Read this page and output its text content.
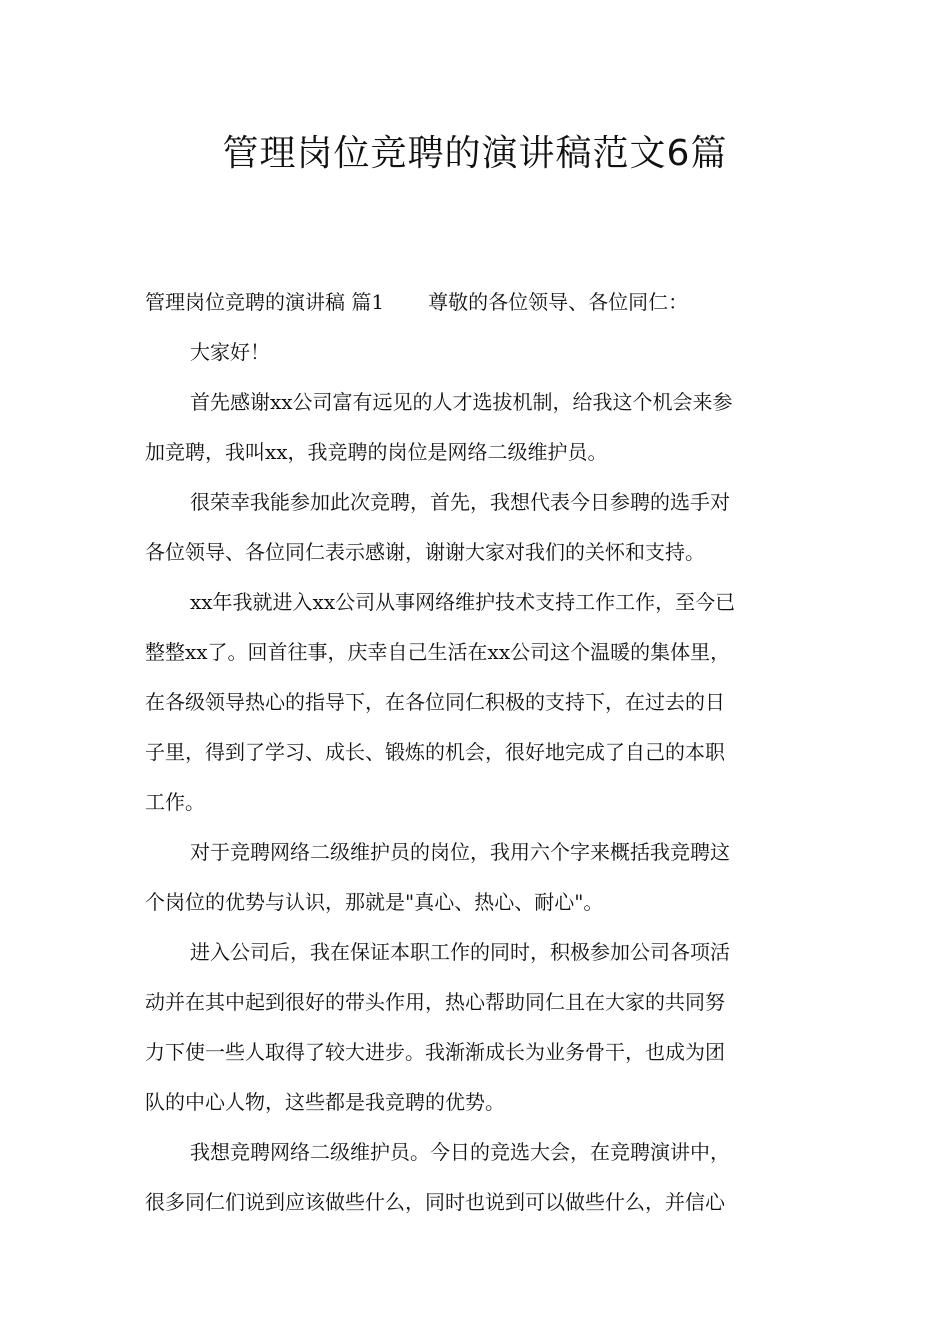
管理岗位竞聘的演讲稿范文6篇
管理岗位竞聘的演讲稿 篇1 尊敬的各位领导、各位同仁：
大家好！
首先感谢xx公司富有远见的人才选拔机制，给我这个机会来参
加竞聘，我叫xx，我竞聘的岗位是网络二级维护员。
很荣幸我能参加此次竞聘，首先，我想代表今日参聘的选手对
各位领导、各位同仁表示感谢，谢谢大家对我们的关怀和支持。
xx年我就进入xx公司从事网络维护技术支持工作工作，至今已
整整xx了。回首往事，庆幸自己生活在xx公司这个温暖的集体里，
在各级领导热心的指导下，在各位同仁积极的支持下，在过去的日
子里，得到了学习、成长、锻炼的机会，很好地完成了自己的本职
工作。
对于竞聘网络二级维护员的岗位，我用六个字来概括我竞聘这
个岗位的优势与认识，那就是"真心、热心、耐心"。
进入公司后，我在保证本职工作的同时，积极参加公司各项活
动并在其中起到很好的带头作用，热心帮助同仁且在大家的共同努
力下使一些人取得了较大进步。我渐渐成长为业务骨干，也成为团
队的中心人物，这些都是我竞聘的优势。
我想竞聘网络二级维护员。今日的竞选大会，在竞聘演讲中，
很多同仁们说到应该做些什么，同时也说到可以做些什么，并信心
